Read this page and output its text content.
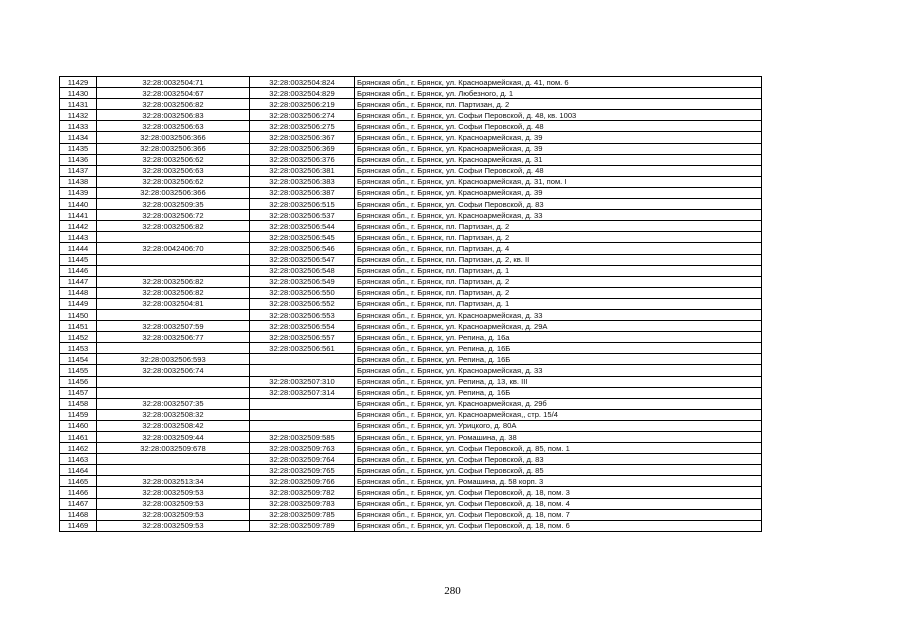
11429	32:28:0032504:71	32:28:0032504:824	Брянская обл., г. Брянск, ул. Красноармейская, д. 41, пом. 6
11430	32:28:0032504:67	32:28:0032504:829	Брянская обл., г. Брянск, ул. Любезного, д. 1
11431	32:28:0032506:82	32:28:0032506:219	Брянская обл., г. Брянск, пл. Партизан, д. 2
11432	32:28:0032506:83	32:28:0032506:274	Брянская обл., г. Брянск, ул. Софьи Перовской, д. 48, кв. 1003
11433	32:28:0032506:63	32:28:0032506:275	Брянская обл., г. Брянск, ул. Софьи Перовской, д. 48
11434	32:28:0032506:366	32:28:0032506:367	Брянская обл., г. Брянск, ул. Красноармейская, д. 39
11435	32:28:0032506:366	32:28:0032506:369	Брянская обл., г. Брянск, ул. Красноармейская, д. 39
11436	32:28:0032506:62	32:28:0032506:376	Брянская обл., г. Брянск, ул. Красноармейская, д. 31
11437	32:28:0032506:63	32:28:0032506:381	Брянская обл., г. Брянск, ул. Софьи Перовской, д. 48
11438	32:28:0032506:62	32:28:0032506:383	Брянская обл., г. Брянск, ул. Красноармейская, д. 31, пом. I
11439	32:28:0032506:366	32:28:0032506:387	Брянская обл., г. Брянск, ул. Красноармейская, д. 39
11440	32:28:0032509:35	32:28:0032506:515	Брянская обл., г. Брянск, ул. Софьи Перовской, д. 83
11441	32:28:0032506:72	32:28:0032506:537	Брянская обл., г. Брянск, ул. Красноармейская, д. 33
11442	32:28:0032506:82	32:28:0032506:544	Брянская обл., г. Брянск, пл. Партизан, д. 2
11443		32:28:0032506:545	Брянская обл., г. Брянск, пл. Партизан, д. 2
11444	32:28:0042406:70	32:28:0032506:546	Брянская обл., г. Брянск, пл. Партизан, д. 4
11445		32:28:0032506:547	Брянская обл., г. Брянск, пл. Партизан, д. 2, кв. II
11446		32:28:0032506:548	Брянская обл., г. Брянск, пл. Партизан, д. 1
11447	32:28:0032506:82	32:28:0032506:549	Брянская обл., г. Брянск, пл. Партизан, д. 2
11448	32:28:0032506:82	32:28:0032506:550	Брянская обл., г. Брянск, пл. Партизан, д. 2
11449	32:28:0032504:81	32:28:0032506:552	Брянская обл., г. Брянск, пл. Партизан, д. 1
11450		32:28:0032506:553	Брянская обл., г. Брянск, ул. Красноармейская, д. 33
11451	32:28:0032507:59	32:28:0032506:554	Брянская обл., г. Брянск, ул. Красноармейская, д. 29А
11452	32:28:0032506:77	32:28:0032506:557	Брянская обл., г. Брянск, ул. Репина, д. 16а
11453		32:28:0032506:561	Брянская обл., г. Брянск, ул. Репина, д. 16Б
11454	32:28:0032506:593		Брянская обл., г. Брянск, ул. Репина, д. 16Б
11455	32:28:0032506:74		Брянская обл., г. Брянск, ул. Красноармейская, д. 33
11456		32:28:0032507:310	Брянская обл., г. Брянск, ул. Репина, д. 13, кв. III
11457		32:28:0032507:314	Брянская обл., г. Брянск, ул. Репина, д. 16Б
11458	32:28:0032507:35		Брянская обл., г. Брянск, ул. Красноармейская, д. 29б
11459	32:28:0032508:32		Брянская обл., г. Брянск, ул. Красноармейская,, стр. 15/4
11460	32:28:0032508:42		Брянская обл., г. Брянск, ул. Урицкого, д. 80А
11461	32:28:0032509:44	32:28:0032509:585	Брянская обл., г. Брянск, ул. Ромашина, д. 38
11462	32:28:0032509:678	32:28:0032509:763	Брянская обл., г. Брянск, ул. Софьи Перовской, д. 85, пом. 1
11463		32:28:0032509:764	Брянская обл., г. Брянск, ул. Софьи Перовской, д. 83
11464		32:28:0032509:765	Брянская обл., г. Брянск, ул. Софьи Перовской, д. 85
11465	32:28:0032513:34	32:28:0032509:766	Брянская обл., г. Брянск, ул. Ромашина, д. 58 корп. 3
11466	32:28:0032509:53	32:28:0032509:782	Брянская обл., г. Брянск, ул. Софьи Перовской, д. 18, пом. 3
11467	32:28:0032509:53	32:28:0032509:783	Брянская обл., г. Брянск, ул. Софьи Перовской, д. 18, пом. 4
11468	32:28:0032509:53	32:28:0032509:785	Брянская обл., г. Брянск, ул. Софьи Перовской, д. 18, пом. 7
11469	32:28:0032509:53	32:28:0032509:789	Брянская обл., г. Брянск, ул. Софьи Перовской, д. 18, пом. 6
280
